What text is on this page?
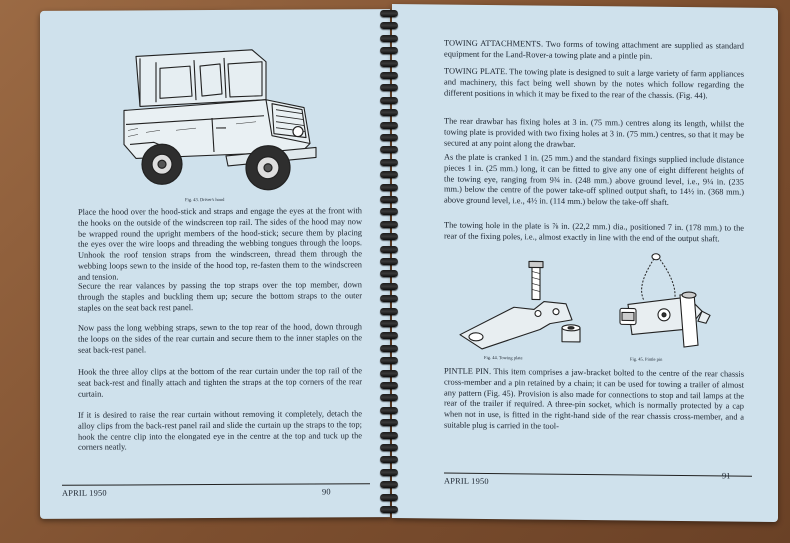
Fig. 43. Driver's hood

Place the hood over the hood-stick and straps and engage the eyes at the front with the hooks on the outside of the windscreen top rail. The sides of the hood may now be wrapped round the upright members of the hood-stick; secure them by placing the eyes over the wire loops and threading the webbing tongues through the loops. Unhook the roof tension straps from the windscreen, thread them through the webbing loops sewn to the inside of the hood top, re-fasten them to the windscreen and tension.

Secure the rear valances by passing the top straps over the top member, down through the staples and buckling them up; secure the bottom straps to the outer staples on the seat back rest panel.

Now pass the long webbing straps, sewn to the top rear of the hood, down through the loops on the sides of the rear curtain and secure them to the inner staples on the seat back-rest panel.

Hook the three alloy clips at the bottom of the rear curtain under the top rail of the seat back-rest and finally attach and tighten the straps at the top corners of the rear curtain.

If it is desired to raise the rear curtain without removing it completely, detach the alloy clips from the back-rest panel rail and slide the curtain up the straps to the top; hook the centre clip into the elongated eye in the centre at the top and tuck up the corners neatly.

APRIL 1950	90

TOWING ATTACHMENTS. Two forms of towing attachment are supplied as standard equipment for the Land-Rover-a towing plate and a pintle pin.

TOWING PLATE. The towing plate is designed to suit a large variety of farm appliances and machinery, this fact being well shown by the notes which follow regarding the different positions in which it may be fixed to the rear of the chassis. (Fig. 44).

The rear drawbar has fixing holes at 3 in. (75 mm.) centres along its length, whilst the towing plate is provided with two fixing holes at 3 in. (75 mm.) centres, so that it may be secured at any point along the drawbar.

As the plate is cranked 1 in. (25 mm.) and the standard fixings supplied include distance pieces 1 in. (25 mm.) long, it can be fitted to give any one of eight different heights of the towing eye, ranging from 9¾ in. (248 mm.) above ground level, i.e., 9¼ in. (235 mm.) below the centre of the power take-off splined output shaft, to 14½ in. (368 mm.) above ground level, i.e., 4½ in. (114 mm.) below the take-off shaft.

The towing hole in the plate is ⅞ in. (22,2 mm.) dia., positioned 7 in. (178 mm.) to the rear of the fixing poles, i.e., almost exactly in line with the end of the output shaft.

Fig. 44. Towing plate	Fig. 45. Pintle pin

PINTLE PIN. This item comprises a jaw-bracket bolted to the centre of the rear chassis cross-member and a pin retained by a chain; it can be used for towing a trailer of almost any pattern (Fig. 45). Provision is also made for connections to stop and tail lamps at the rear of the trailer if required. A three-pin socket, which is normally protected by a cap when not in use, is fitted in the right-hand side of the rear chassis cross-member, and a suitable plug is carried in the tool-

APRIL 1950
91
